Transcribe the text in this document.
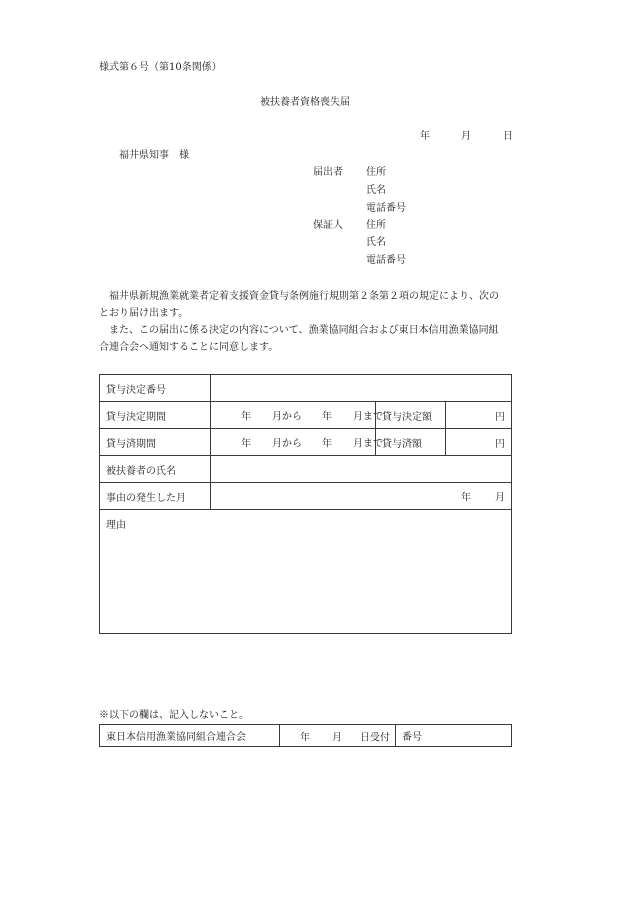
様式第６号（第10条関係）
被扶養者資格喪失届
年	月	日
福井県知事　様
届出者 住所
氏名
電話番号
保証人 住所
氏名
電話番号
　福井県新規漁業就業者定着支援資金貸与条例施行規則第２条第２項の規定により、次の
とおり届け出ます。
　また、この届出に係る決定の内容について、漁業協同組合および東日本信用漁業協同組
合連合会へ通知することに同意します。
貸与決定番号			
貸与決定期間	年 月から 年 月まで	貸与決定額	円
貸与済期間	年 月から 年 月まで	貸与済額	円
被扶養者の氏名			
事由の発生した月	年 月		

理由			
※以下の欄は、記入しないこと。
東日本信用漁業協同組合連合会	年 月 日受付	番号
